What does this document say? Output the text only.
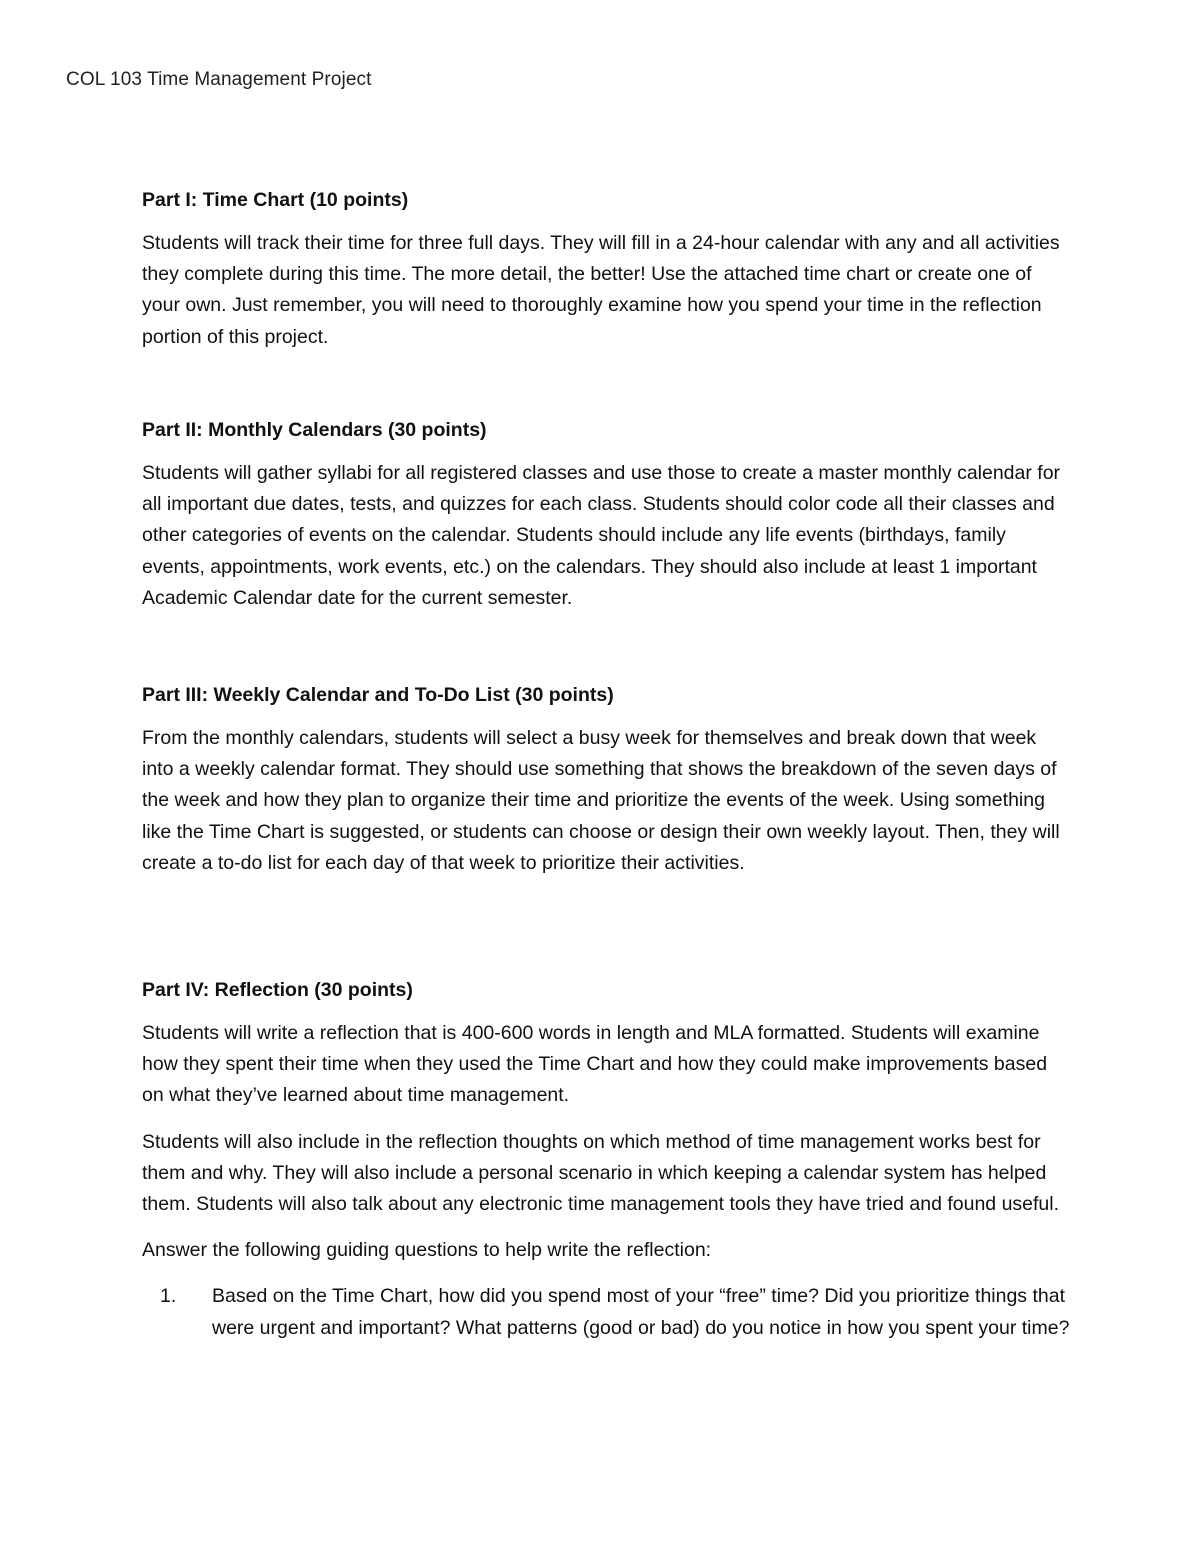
COL 103 Time Management Project
Part I: Time Chart (10 points)

Students will track their time for three full days. They will fill in a 24-hour calendar with any and all activities they complete during this time. The more detail, the better! Use the attached time chart or create one of your own. Just remember, you will need to thoroughly examine how you spend your time in the reflection portion of this project.

Part II: Monthly Calendars (30 points)

Students will gather syllabi for all registered classes and use those to create a master monthly calendar for all important due dates, tests, and quizzes for each class. Students should color code all their classes and other categories of events on the calendar. Students should include any life events (birthdays, family events, appointments, work events, etc.) on the calendars. They should also include at least 1 important Academic Calendar date for the current semester.

Part III: Weekly Calendar and To-Do List (30 points)

From the monthly calendars, students will select a busy week for themselves and break down that week into a weekly calendar format. They should use something that shows the breakdown of the seven days of the week and how they plan to organize their time and prioritize the events of the week. Using something like the Time Chart is suggested, or students can choose or design their own weekly layout. Then, they will create a to-do list for each day of that week to prioritize their activities.

Part IV: Reflection (30 points)

Students will write a reflection that is 400-600 words in length and MLA formatted. Students will examine how they spent their time when they used the Time Chart and how they could make improvements based on what they’ve learned about time management.

Students will also include in the reflection thoughts on which method of time management works best for them and why. They will also include a personal scenario in which keeping a calendar system has helped them. Students will also talk about any electronic time management tools they have tried and found useful.

Answer the following guiding questions to help write the reflection:

1. Based on the Time Chart, how did you spend most of your “free” time? Did you prioritize things that were urgent and important? What patterns (good or bad) do you notice in how you spent your time?
